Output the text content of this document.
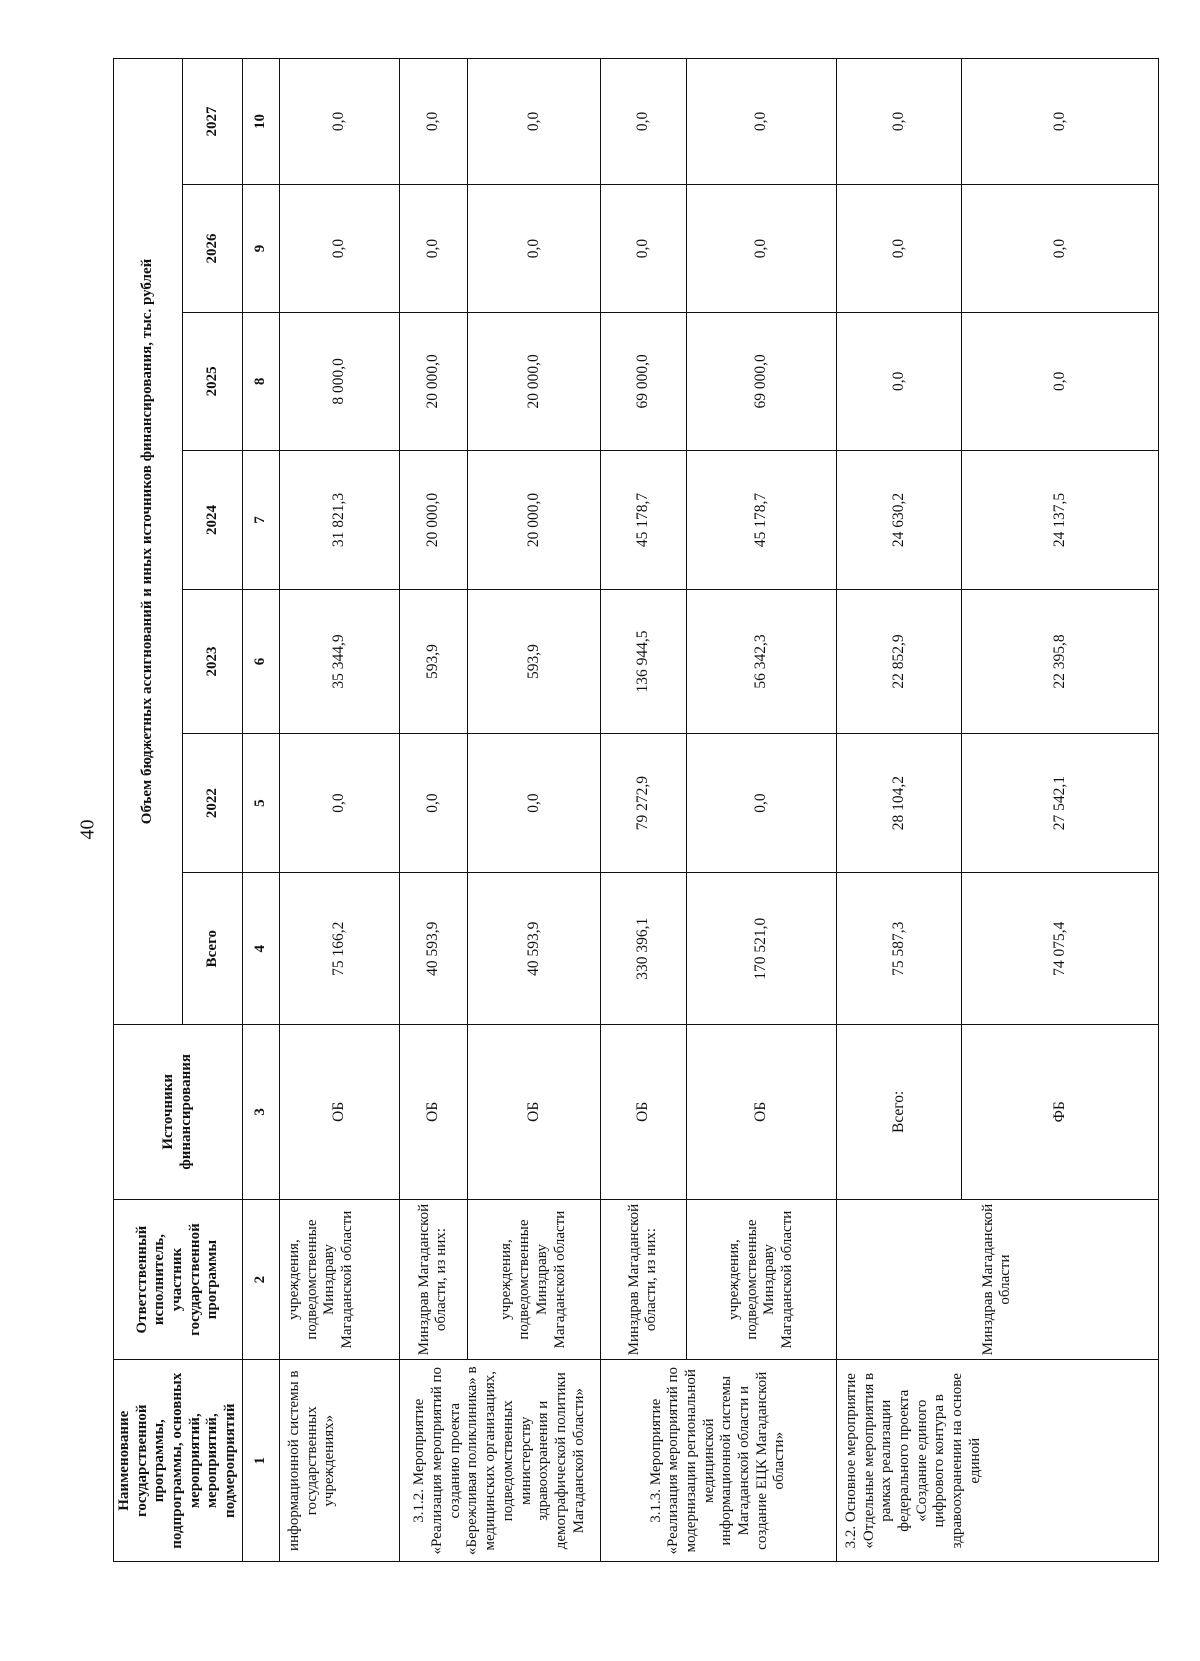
40
Наименование государственной программы, подпрограммы, основных мероприятий, мероприятий, подмероприятий	Ответственный исполнитель, участник государственной программы	Источники финансирования	Объем бюджетных ассигнований и иных источников финансирования, тыс. рублей						
			Всего	2022	2023	2024	2025	2026	2027
1	2	3	4	5	6	7	8	9	10
информационной системы в государственных учреждениях»	учреждения, подведомственные Минздраву Магаданской области	ОБ	75 166,2	0,0	35 344,9	31 821,3	8 000,0	0,0	0,0
3.1.2. Мероприятие «Реализация мероприятий по созданию проекта «Бережливая поликлиника» в медицинских организациях, подведомственных министерству здравоохранения и демографической политики Магаданской области»	Минздрав Магаданской области, из них:	ОБ	40 593,9	0,0	593,9	20 000,0	20 000,0	0,0	0,0
	учреждения, подведомственные Минздраву Магаданской области	ОБ	40 593,9	0,0	593,9	20 000,0	20 000,0	0,0	0,0
3.1.3. Мероприятие «Реализация мероприятий по модернизации региональной медицинской информационной системы Магаданской области и создание ЕЦК Магаданской области»	Минздрав Магаданской области, из них:	ОБ	330 396,1	79 272,9	136 944,5	45 178,7	69 000,0	0,0	0,0
	учреждения, подведомственные Минздраву Магаданской области	ОБ	170 521,0	0,0	56 342,3	45 178,7	69 000,0	0,0	0,0
3.2. Основное мероприятие «Отдельные мероприятия в рамках реализации федерального проекта «Создание единого цифрового контура в здравоохранении на основе единой	Минздрав Магаданской области	Всего:	75 587,3	28 104,2	22 852,9	24 630,2	0,0	0,0	0,0
		ФБ	74 075,4	27 542,1	22 395,8	24 137,5	0,0	0,0	0,0
